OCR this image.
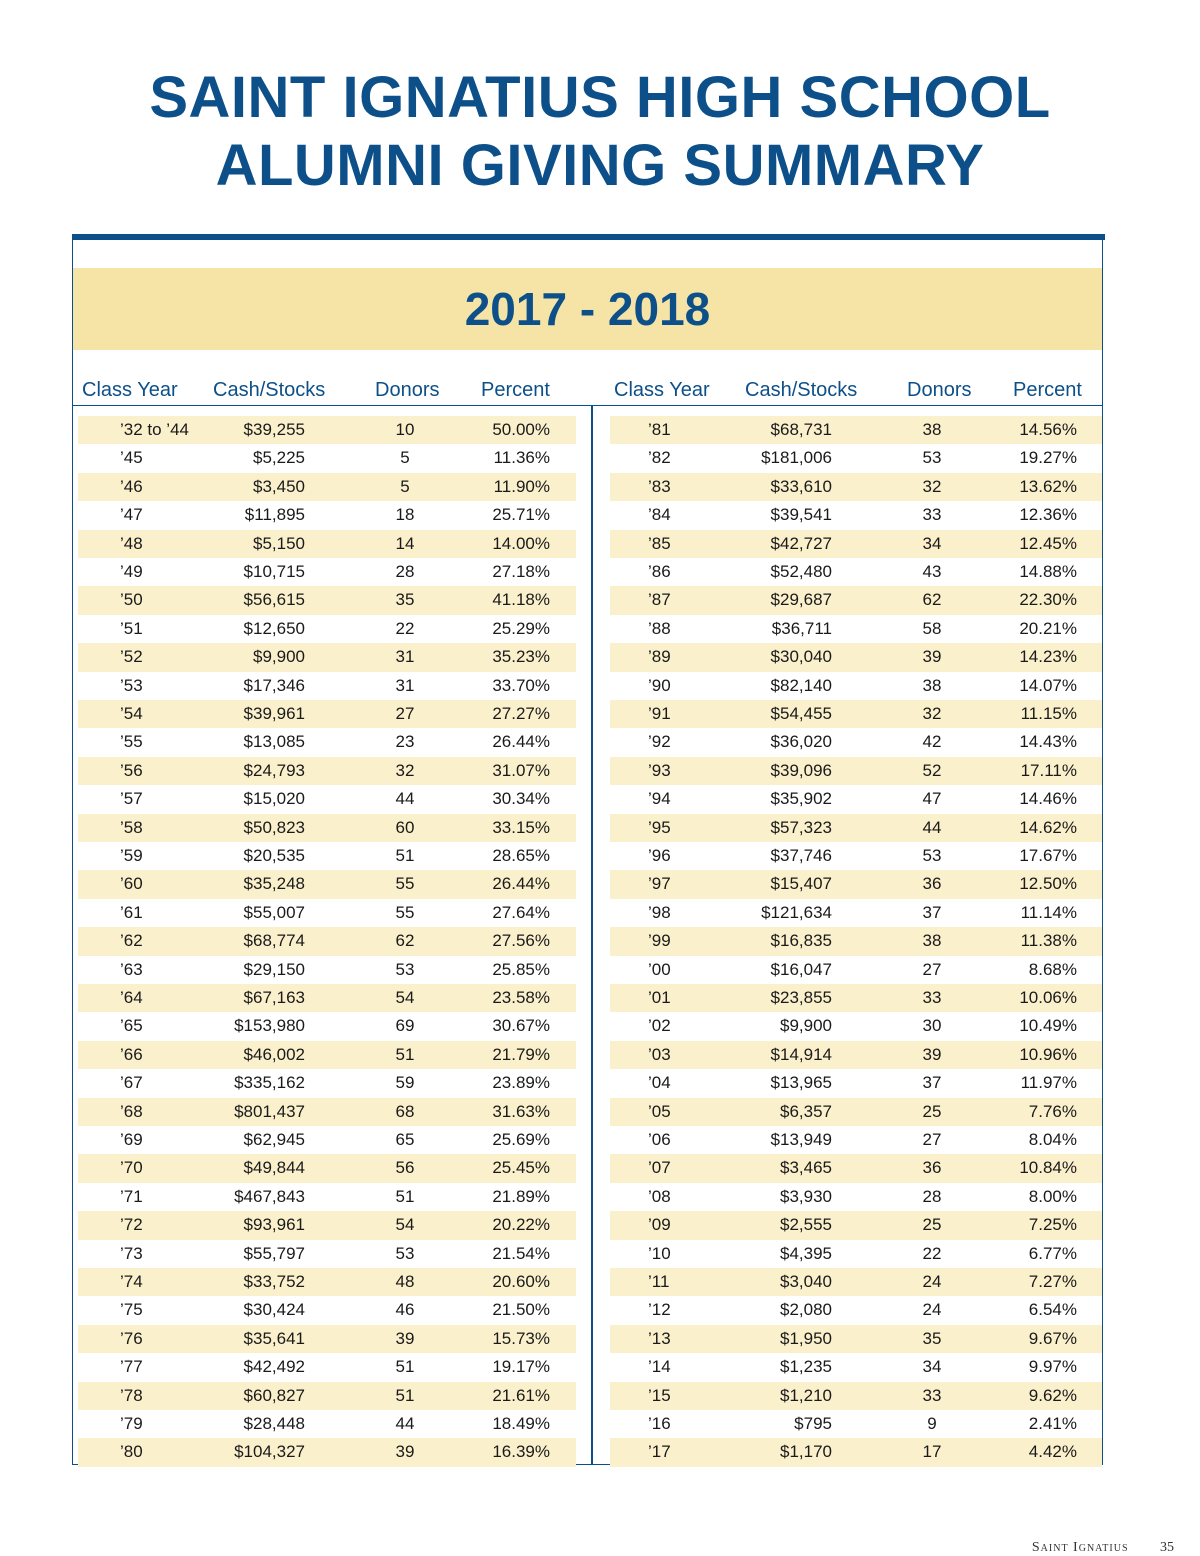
SAINT IGNATIUS HIGH SCHOOL
ALUMNI GIVING SUMMARY
2017 - 2018
Class Year Cash/Stocks Donors Percent	Class Year Cash/Stocks Donors Percent
’32 to ’44	$39,255	10	50.00%
’45	$5,225	5	11.36%
’46	$3,450	5	11.90%
’47	$11,895	18	25.71%
’48	$5,150	14	14.00%
’49	$10,715	28	27.18%
’50	$56,615	35	41.18%
’51	$12,650	22	25.29%
’52	$9,900	31	35.23%
’53	$17,346	31	33.70%
’54	$39,961	27	27.27%
’55	$13,085	23	26.44%
’56	$24,793	32	31.07%
’57	$15,020	44	30.34%
’58	$50,823	60	33.15%
’59	$20,535	51	28.65%
’60	$35,248	55	26.44%
’61	$55,007	55	27.64%
’62	$68,774	62	27.56%
’63	$29,150	53	25.85%
’64	$67,163	54	23.58%
’65	$153,980	69	30.67%
’66	$46,002	51	21.79%
’67	$335,162	59	23.89%
’68	$801,437	68	31.63%
’69	$62,945	65	25.69%
’70	$49,844	56	25.45%
’71	$467,843	51	21.89%
’72	$93,961	54	20.22%
’73	$55,797	53	21.54%
’74	$33,752	48	20.60%
’75	$30,424	46	21.50%
’76	$35,641	39	15.73%
’77	$42,492	51	19.17%
’78	$60,827	51	21.61%
’79	$28,448	44	18.49%
’80	$104,327	39	16.39%
’81	$68,731	38	14.56%
’82	$181,006	53	19.27%
’83	$33,610	32	13.62%
’84	$39,541	33	12.36%
’85	$42,727	34	12.45%
’86	$52,480	43	14.88%
’87	$29,687	62	22.30%
’88	$36,711	58	20.21%
’89	$30,040	39	14.23%
’90	$82,140	38	14.07%
’91	$54,455	32	11.15%
’92	$36,020	42	14.43%
’93	$39,096	52	17.11%
’94	$35,902	47	14.46%
’95	$57,323	44	14.62%
’96	$37,746	53	17.67%
’97	$15,407	36	12.50%
’98	$121,634	37	11.14%
’99	$16,835	38	11.38%
’00	$16,047	27	8.68%
’01	$23,855	33	10.06%
’02	$9,900	30	10.49%
’03	$14,914	39	10.96%
’04	$13,965	37	11.97%
’05	$6,357	25	7.76%
’06	$13,949	27	8.04%
’07	$3,465	36	10.84%
’08	$3,930	28	8.00%
’09	$2,555	25	7.25%
’10	$4,395	22	6.77%
’11	$3,040	24	7.27%
’12	$2,080	24	6.54%
’13	$1,950	35	9.67%
’14	$1,235	34	9.97%
’15	$1,210	33	9.62%
’16	$795	9	2.41%
’17	$1,170	17	4.42%
Saint Ignatius 35
